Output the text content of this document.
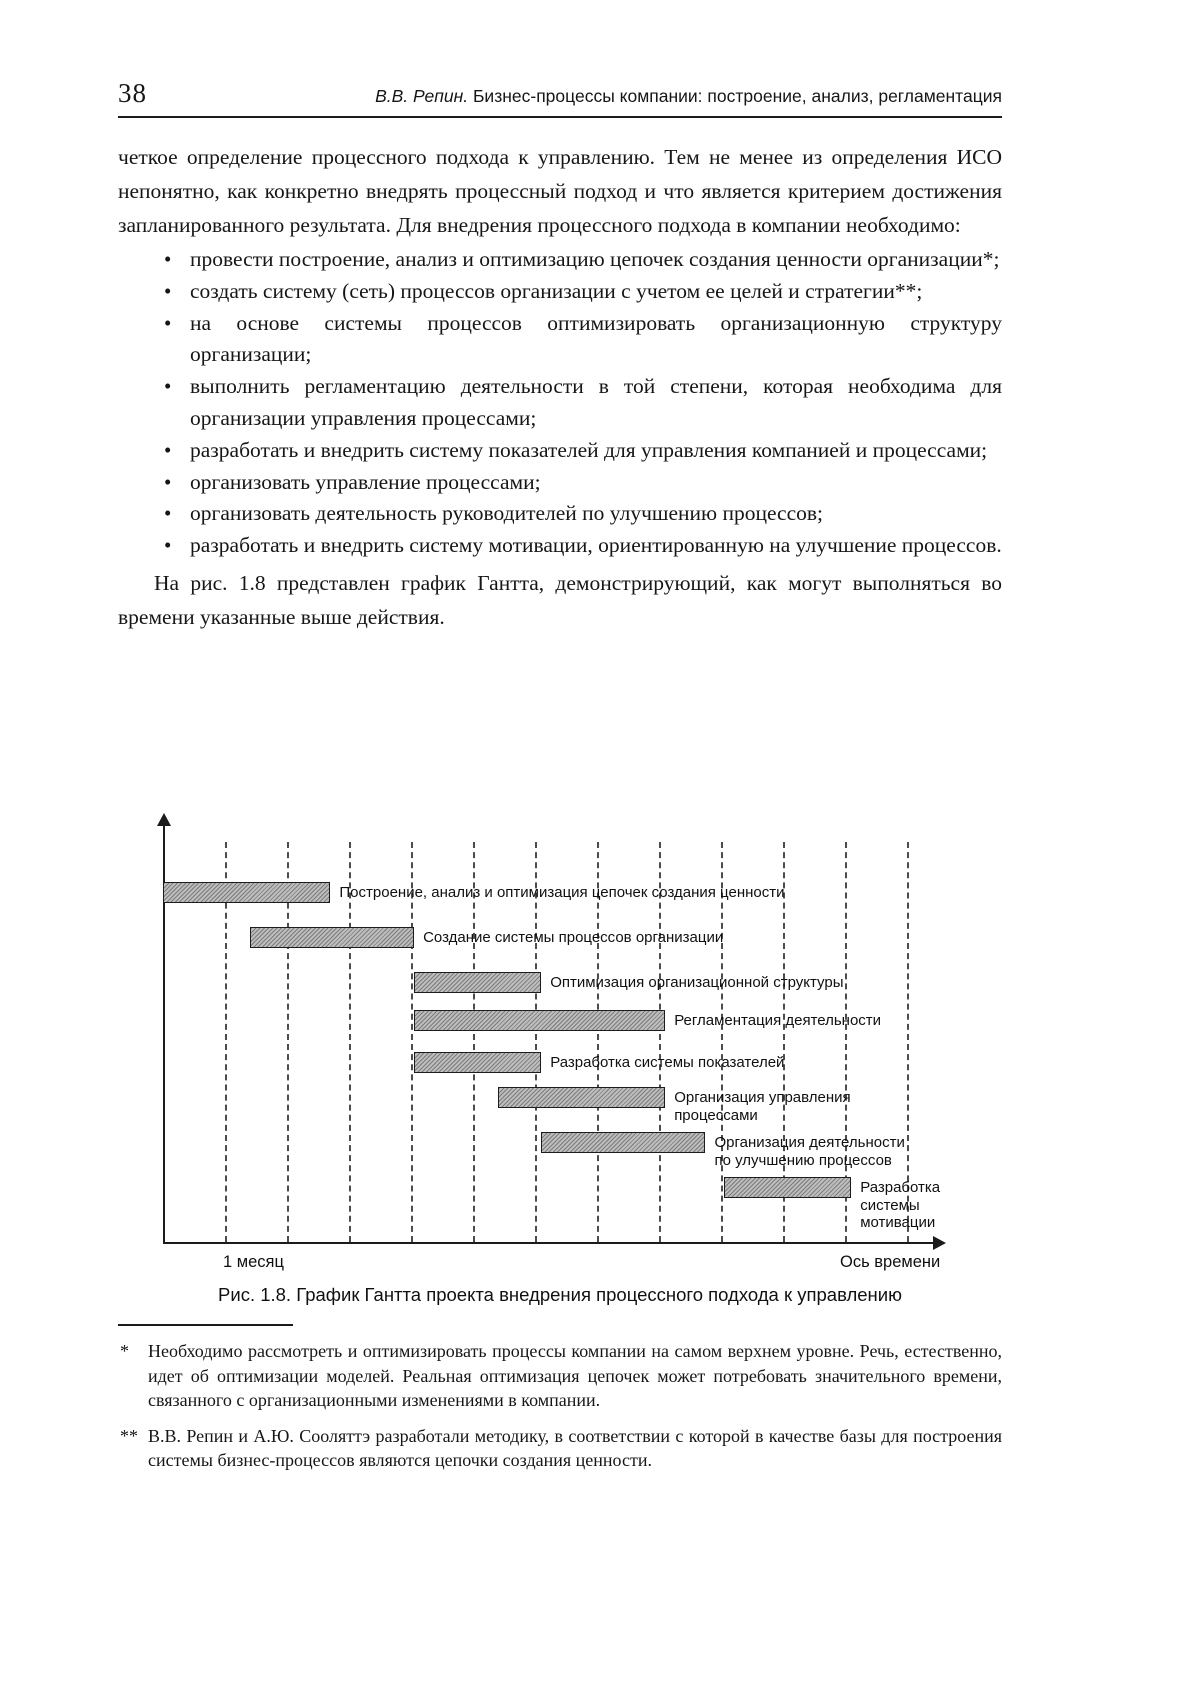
38	В.В. Репин. Бизнес-процессы компании: построение, анализ, регламентация

четкое определение процессного подхода к управлению. Тем не менее из определения ИСО непонятно, как конкретно внедрять процессный подход и что является критерием достижения запланированного результата. Для внедрения процессного подхода в компании необходимо:

• провести построение, анализ и оптимизацию цепочек создания ценности организации*;
• создать систему (сеть) процессов организации с учетом ее целей и стратегии**;
• на основе системы процессов оптимизировать организационную структуру организации;
• выполнить регламентацию деятельности в той степени, которая необходима для организации управления процессами;
• разработать и внедрить систему показателей для управления компанией и процессами;
• организовать управление процессами;
• организовать деятельность руководителей по улучшению процессов;
• разработать и внедрить систему мотивации, ориентированную на улучшение процессов.

На рис. 1.8 представлен график Гантта, демонстрирующий, как могут выполняться во времени указанные выше действия.

1 месяц	Ось времени
Построение, анализ и оптимизация цепочек создания ценности
Создание системы процессов организации
Оптимизация организационной структуры
Регламентация деятельности
Разработка системы показателей
Организация управления процессами
Организация деятельности по улучшению процессов
Разработка системы мотивации
Рис. 1.8. График Гантта проекта внедрения процессного подхода к управлению
* Необходимо рассмотреть и оптимизировать процессы компании на самом верхнем уровне. Речь, естественно, идет об оптимизации моделей. Реальная оптимизация цепочек может потребовать значительного времени, связанного с организационными изменениями в компании.
** В.В. Репин и А.Ю. Сооляттэ разработали методику, в соответствии с которой в качестве базы для построения системы бизнес-процессов являются цепочки создания ценности.
